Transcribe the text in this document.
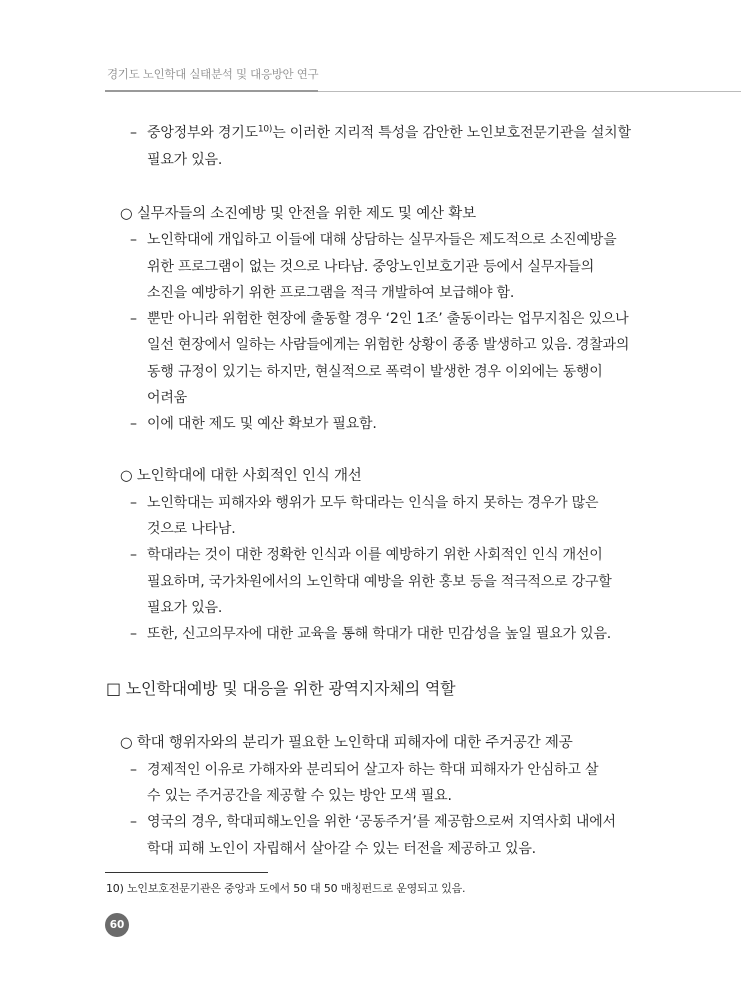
경기도 노인학대 실태분석 및 대응방안 연구
– 중앙정부와 경기도$^{10)}$는 이러한 지리적 특성을 감안한 노인보호전문기관을 설치할
필요가 있음.
○ 실무자들의 소진예방 및 안전을 위한 제도 및 예산 확보
– 노인학대에 개입하고 이들에 대해 상담하는 실무자들은 제도적으로 소진예방을
위한 프로그램이 없는 것으로 나타남. 중앙노인보호기관 등에서 실무자들의
소진을 예방하기 위한 프로그램을 적극 개발하여 보급해야 함.
– 뿐만 아니라 위험한 현장에 출동할 경우 ‘2인 1조’ 출동이라는 업무지침은 있으나
일선 현장에서 일하는 사람들에게는 위험한 상황이 종종 발생하고 있음. 경찰과의
동행 규정이 있기는 하지만, 현실적으로 폭력이 발생한 경우 이외에는 동행이
어려움
– 이에 대한 제도 및 예산 확보가 필요함.
○ 노인학대에 대한 사회적인 인식 개선
– 노인학대는 피해자와 행위가 모두 학대라는 인식을 하지 못하는 경우가 많은
것으로 나타남.
– 학대라는 것이 대한 정확한 인식과 이를 예방하기 위한 사회적인 인식 개선이
필요하며, 국가차원에서의 노인학대 예방을 위한 홍보 등을 적극적으로 강구할
필요가 있음.
– 또한, 신고의무자에 대한 교육을 통해 학대가 대한 민감성을 높일 필요가 있음.
□ 노인학대예방 및 대응을 위한 광역지자체의 역할
○ 학대 행위자와의 분리가 필요한 노인학대 피해자에 대한 주거공간 제공
– 경제적인 이유로 가해자와 분리되어 살고자 하는 학대 피해자가 안심하고 살
수 있는 주거공간을 제공할 수 있는 방안 모색 필요.
– 영국의 경우, 학대피해노인을 위한 ‘공동주거’를 제공함으로써 지역사회 내에서
학대 피해 노인이 자립해서 살아갈 수 있는 터전을 제공하고 있음.
10) 노인보호전문기관은 중앙과 도에서 50 대 50 매칭펀드로 운영되고 있음.
60
